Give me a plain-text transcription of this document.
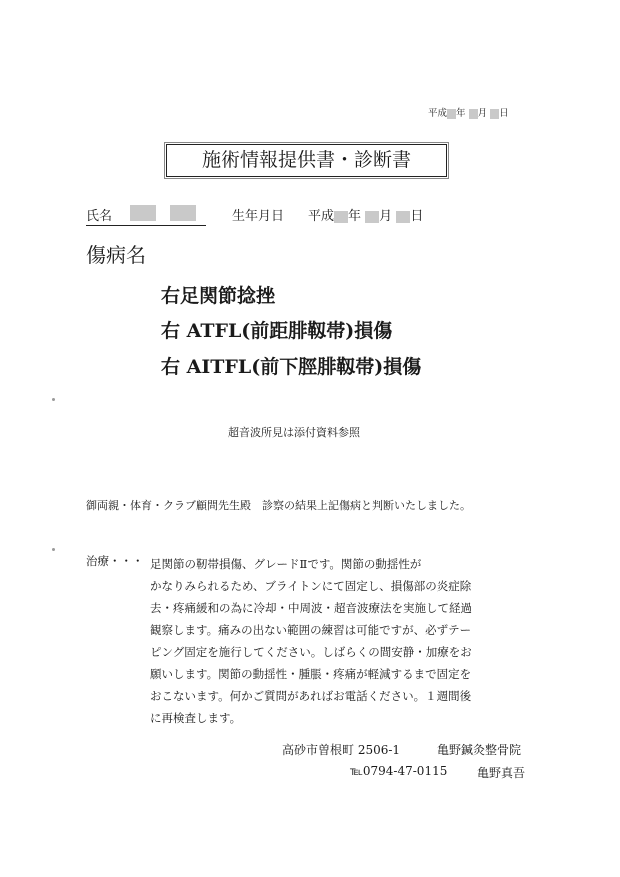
平成 年 月 日
施術情報提供書・診断書
氏名	生年月日 平成 年 月 日
傷病名
右足関節捻挫
右 ATFL(前距腓靱帯)損傷
右 AITFL(前下脛腓靱帯)損傷
超音波所見は添付資料参照
御両親・体育・クラブ顧問先生殿　診察の結果上記傷病と判断いたしました。
治療・・・ 足関節の靭帯損傷、グレードⅡです。関節の動揺性が
かなりみられるため、ブライトンにて固定し、損傷部の炎症除
去・疼痛緩和の為に冷却・中周波・超音波療法を実施して経過
観察します。痛みの出ない範囲の練習は可能ですが、必ずテー
ピング固定を施行してください。しばらくの間安静・加療をお
願いします。関節の動揺性・腫脹・疼痛が軽減するまで固定を
おこないます。何かご質問があればお電話ください。１週間後
に再検査します。
高砂市曽根町 2506-1	亀野鍼灸整骨院
℡0794-47-0115 亀野真吾
